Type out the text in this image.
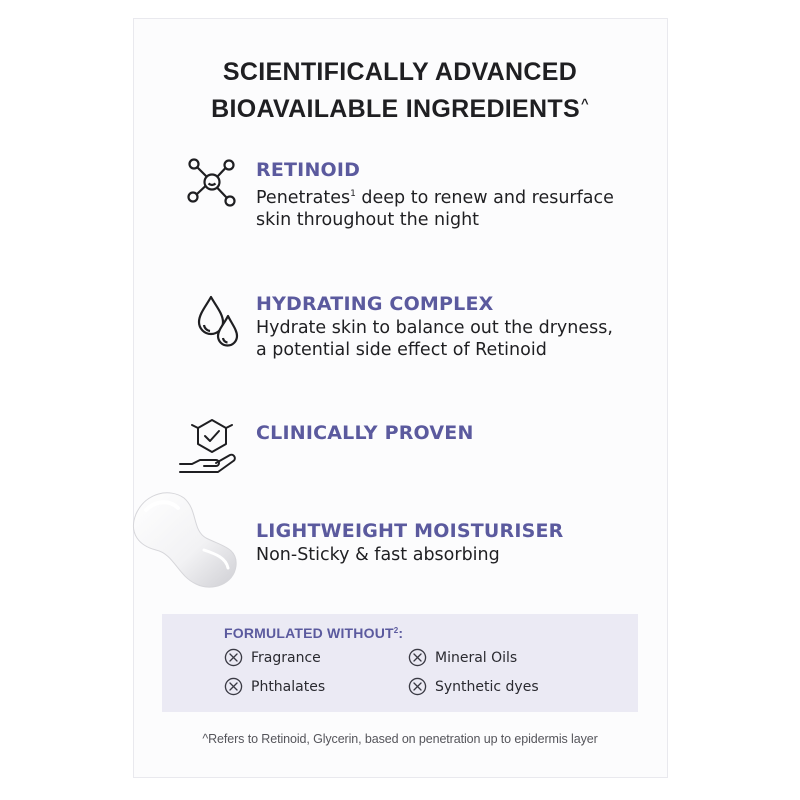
SCIENTIFICALLY ADVANCED
BIOAVAILABLE INGREDIENTS^
RETINOID
Penetrates$^1$ deep to renew and resurface
skin throughout the night
HYDRATING COMPLEX
Hydrate skin to balance out the dryness,
a potential side effect of Retinoid
CLINICALLY PROVEN
LIGHTWEIGHT MOISTURISER
Non-Sticky & fast absorbing
FORMULATED WITHOUT$^2$:
Fragrance	Mineral Oils
Phthalates	Synthetic dyes
^Refers to Retinoid, Glycerin, based on penetration up to epidermis layer
